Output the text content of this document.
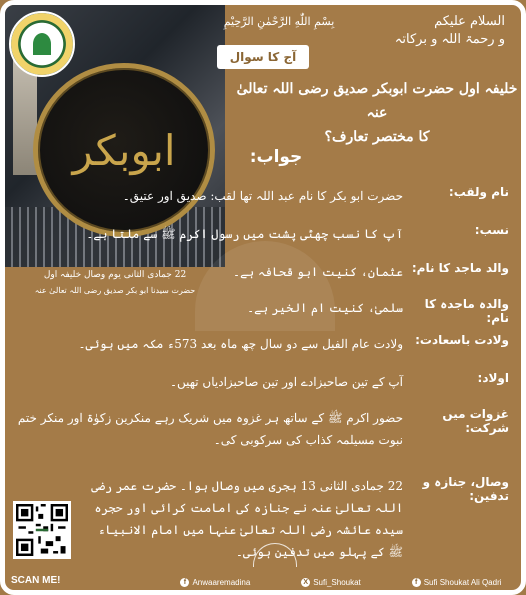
ابوبکر
22 جمادی الثانی یوم وصال خلیفہ اول
حضرت سیدنا ابو بکر صدیق رضی اللہ تعالیٰ عنہ
بِسْمِ اللّٰهِ الرَّحْمٰنِ الرَّحِيْمِ	السلام علیکم
و رحمۃ اللہ و برکاتہ
آج کا سوال
خلیفہ اول حضرت ابوبکر صدیق رضی اللہ تعالیٰ عنہ
کا مختصر تعارف؟
جواب:
نام ولقب:
حضرت ابو بکر کا نام عبد اللہ تھا لقب: صدیق اور عتیق۔
نسب:
آپ کا نسب چھٹی پشت میں رسول اکرم ﷺ سے ملتا ہے۔
والد ماجد کا نام:
عثمان، کنیت ابو قحافہ ہے۔
والدہ ماجدہ کا نام:
سلمیٰ، کنیت ام الخیر ہے۔
ولادت باسعادت:
ولادت عام الفیل سے دو سال چھ ماہ بعد 573ء مکہ میں ہوئی۔
اولاد:
آپ کے تین صاحبزادے اور تین صاحبزادیاں تھیں۔
غزوات میں شرکت:
حضور اکرم ﷺ کے ساتھ ہر غزوہ میں شریک رہے منکرین زکوٰۃ اور منکر ختم نبوت مسیلمہ کذاب کی سرکوبی کی۔
وصال، جنازہ و تدفین:
22 جمادی الثانی 13 ہجری میں وصال ہوا۔ حضرت عمر رضی اللہ تعالیٰ عنہ نے جنازہ کی امامت کرائی اور حجرہ سیدہ عائشہ رضی اللہ تعالیٰ عنہا میں امام الانبیاء ﷺ کے پہلو میں تدفین ہوئی۔
SCAN ME!	f Anwaaremadina	X Sufi_Shoukat	f Sufi Shoukat Ali Qadri
